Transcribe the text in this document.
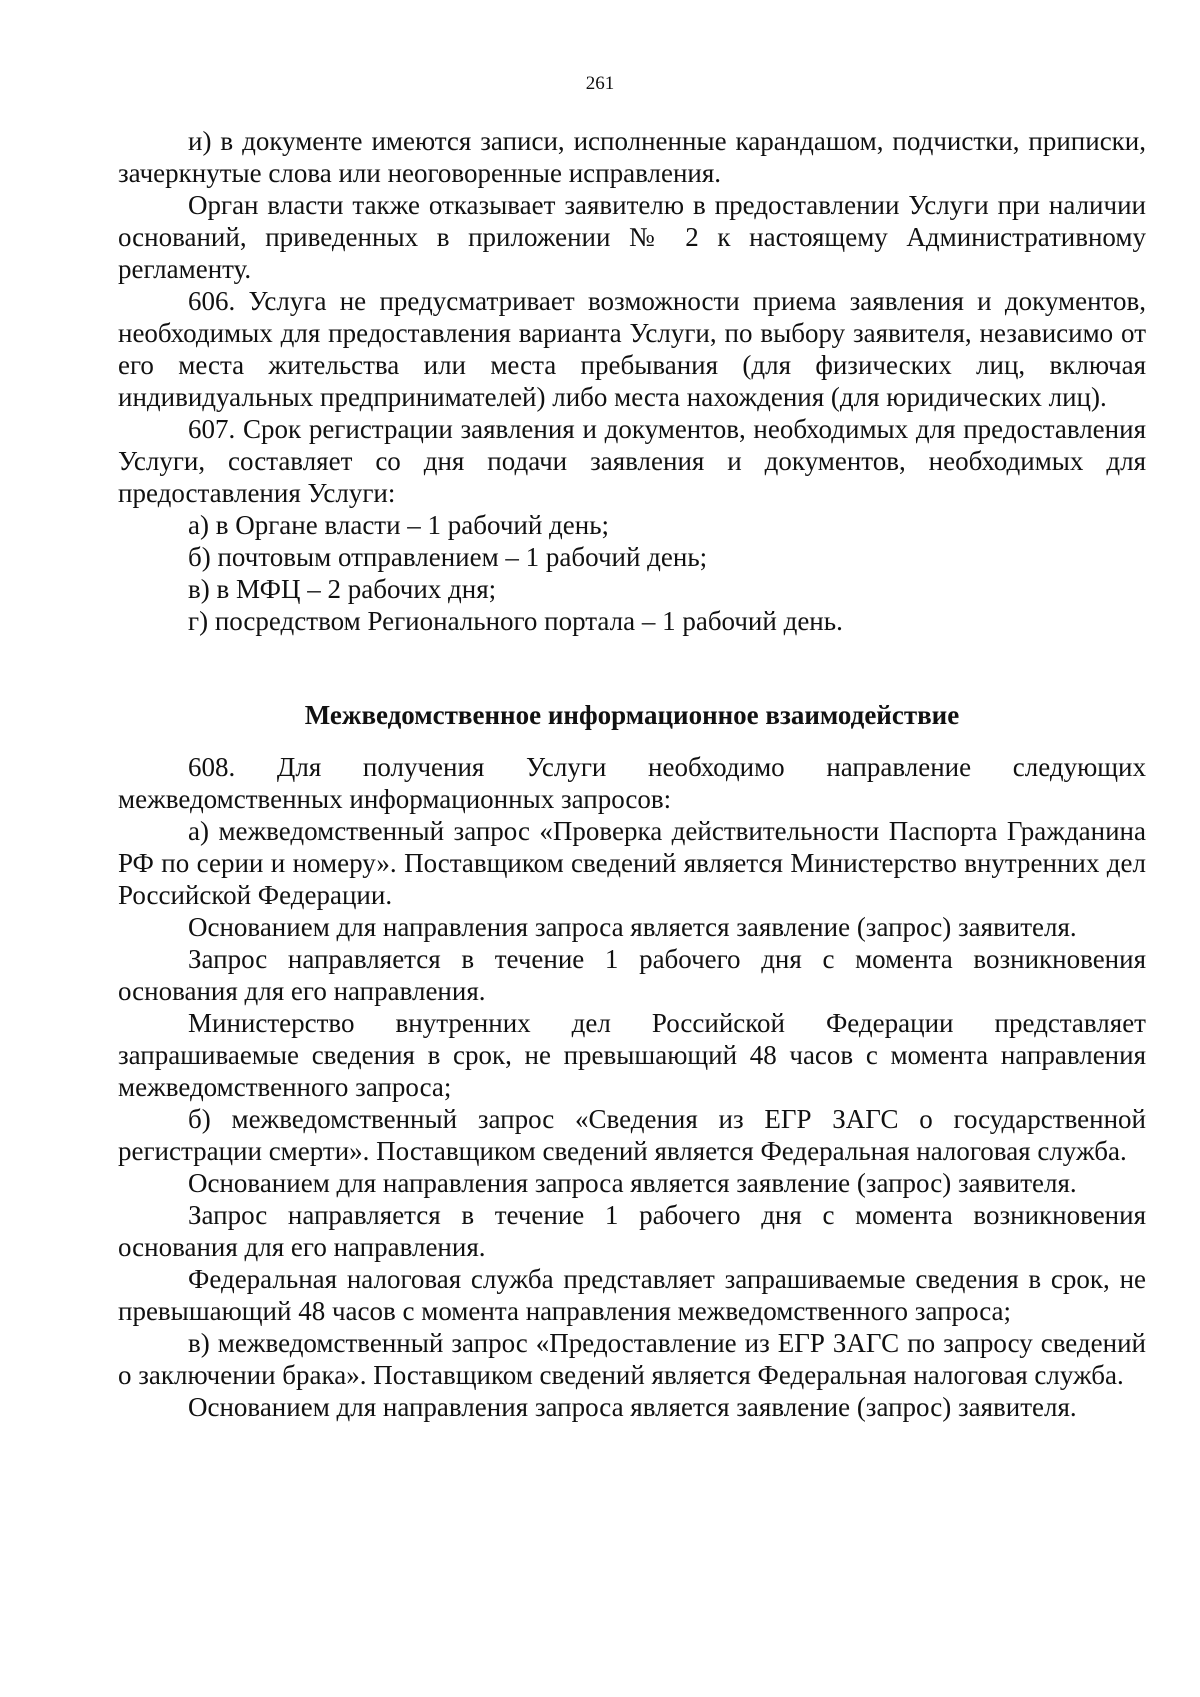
261

и) в документе имеются записи, исполненные карандашом, подчистки, приписки, зачеркнутые слова или неоговоренные исправления.

Орган власти также отказывает заявителю в предоставлении Услуги при наличии оснований, приведенных в приложении № 2 к настоящему Административному регламенту.

606. Услуга не предусматривает возможности приема заявления и документов, необходимых для предоставления варианта Услуги, по выбору заявителя, независимо от его места жительства или места пребывания (для физических лиц, включая индивидуальных предпринимателей) либо места нахождения (для юридических лиц).

607. Срок регистрации заявления и документов, необходимых для предоставления Услуги, составляет со дня подачи заявления и документов, необходимых для предоставления Услуги:

а) в Органе власти – 1 рабочий день;

б) почтовым отправлением – 1 рабочий день;

в) в МФЦ – 2 рабочих дня;

г) посредством Регионального портала – 1 рабочий день.

Межведомственное информационное взаимодействие

608. Для получения Услуги необходимо направление следующих межведомственных информационных запросов:

а) межведомственный запрос «Проверка действительности Паспорта Гражданина РФ по серии и номеру». Поставщиком сведений является Министерство внутренних дел Российской Федерации.

Основанием для направления запроса является заявление (запрос) заявителя.

Запрос направляется в течение 1 рабочего дня с момента возникновения основания для его направления.

Министерство внутренних дел Российской Федерации представляет запрашиваемые сведения в срок, не превышающий 48 часов с момента направления межведомственного запроса;

б) межведомственный запрос «Сведения из ЕГР ЗАГС о государственной регистрации смерти». Поставщиком сведений является Федеральная налоговая служба.

Основанием для направления запроса является заявление (запрос) заявителя.

Запрос направляется в течение 1 рабочего дня с момента возникновения основания для его направления.

Федеральная налоговая служба представляет запрашиваемые сведения в срок, не превышающий 48 часов с момента направления межведомственного запроса;

в) межведомственный запрос «Предоставление из ЕГР ЗАГС по запросу сведений о заключении брака». Поставщиком сведений является Федеральная налоговая служба.

Основанием для направления запроса является заявление (запрос) заявителя.
